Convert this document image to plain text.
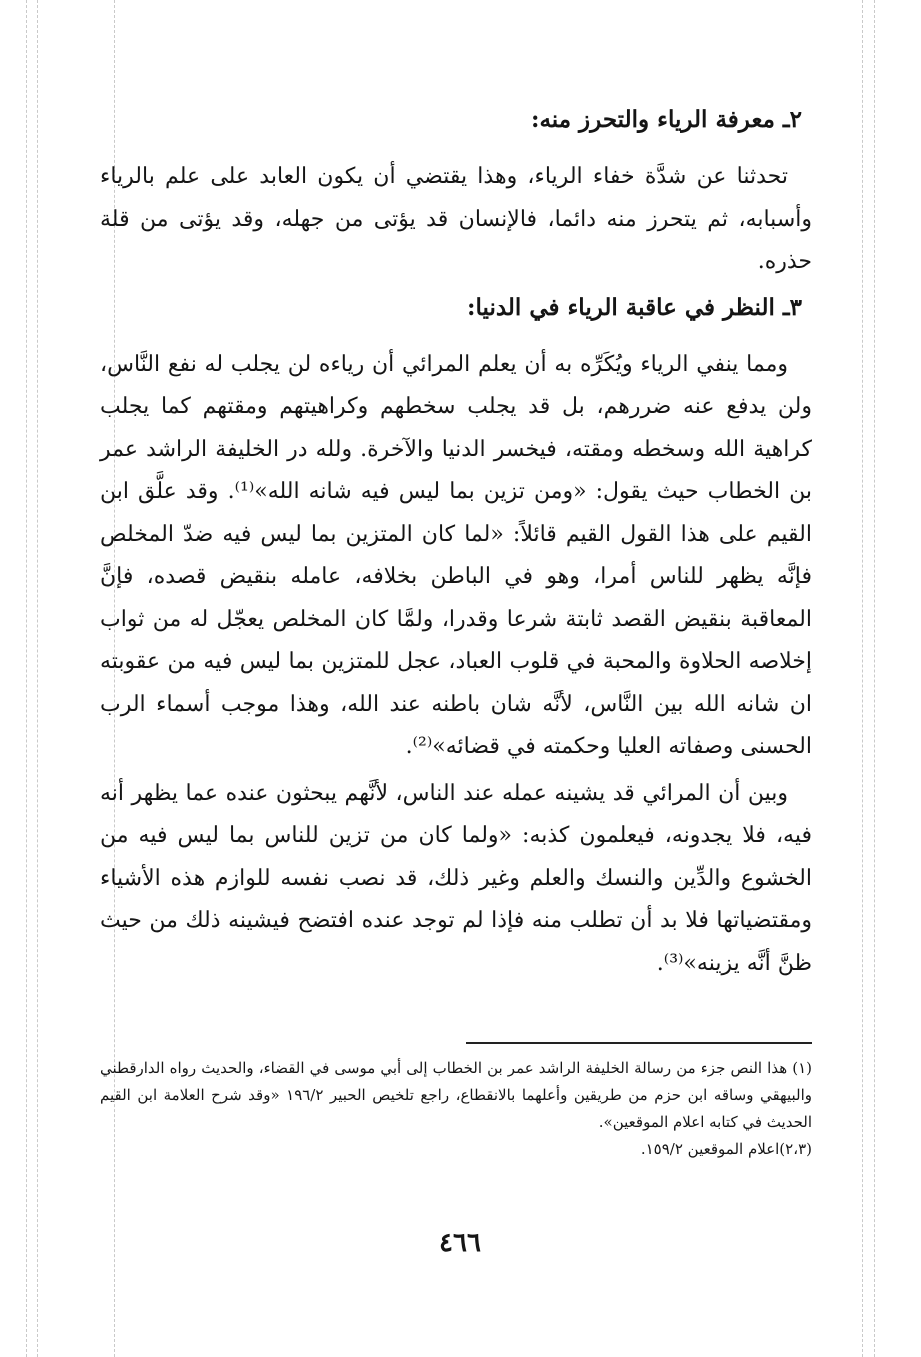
٢ـ معرفة الرياء والتحرز منه:

تحدثنا عن شدَّة خفاء الرياء، وهذا يقتضي أن يكون العابد على علم بالرياء وأسبابه، ثم يتحرز منه دائما، فالإنسان قد يؤتى من جهله، وقد يؤتى من قلة حذره.

٣ـ النظر في عاقبة الرياء في الدنيا:

ومما ينفي الرياء ويُكَرِّه به أن يعلم المرائي أن رياءه لن يجلب له نفع النَّاس، ولن يدفع عنه ضررهم، بل قد يجلب سخطهم وكراهيتهم ومقتهم كما يجلب كراهية الله وسخطه ومقته، فيخسر الدنيا والآخرة. ولله در الخليفة الراشد عمر بن الخطاب حيث يقول: «ومن تزين بما ليس فيه شانه الله»⁽¹⁾. وقد علَّق ابن القيم على هذا القول القيم قائلاً: «لما كان المتزين بما ليس فيه ضدّ المخلص فإنَّه يظهر للناس أمرا، وهو في الباطن بخلافه، عامله بنقيض قصده، فإنَّ المعاقبة بنقيض القصد ثابتة شرعا وقدرا، ولمَّا كان المخلص يعجّل له من ثواب إخلاصه الحلاوة والمحبة في قلوب العباد، عجل للمتزين بما ليس فيه من عقوبته ان شانه الله بين النَّاس، لأنَّه شان باطنه عند الله، وهذا موجب أسماء الرب الحسنى وصفاته العليا وحكمته في قضائه»⁽²⁾.

وبين أن المرائي قد يشينه عمله عند الناس، لأنَّهم يبحثون عنده عما يظهر أنه فيه، فلا يجدونه، فيعلمون كذبه: «ولما كان من تزين للناس بما ليس فيه من الخشوع والدِّين والنسك والعلم وغير ذلك، قد نصب نفسه للوازم هذه الأشياء ومقتضياتها فلا بد أن تطلب منه فإذا لم توجد عنده افتضح فيشينه ذلك من حيث ظنَّ أنَّه يزينه»⁽³⁾.

(١) هذا النص جزء من رسالة الخليفة الراشد عمر بن الخطاب إلى أبي موسى في القضاء، والحديث رواه الدارقطني والبيهقي وساقه ابن حزم من طريقين وأعلهما بالانقطاع، راجع تلخيص الحبير ١٩٦/٢ «وقد شرح العلامة ابن القيم الحديث في كتابه اعلام الموقعين».

(٢،٣)اعلام الموقعين ١٥٩/٢.

٤٦٦
